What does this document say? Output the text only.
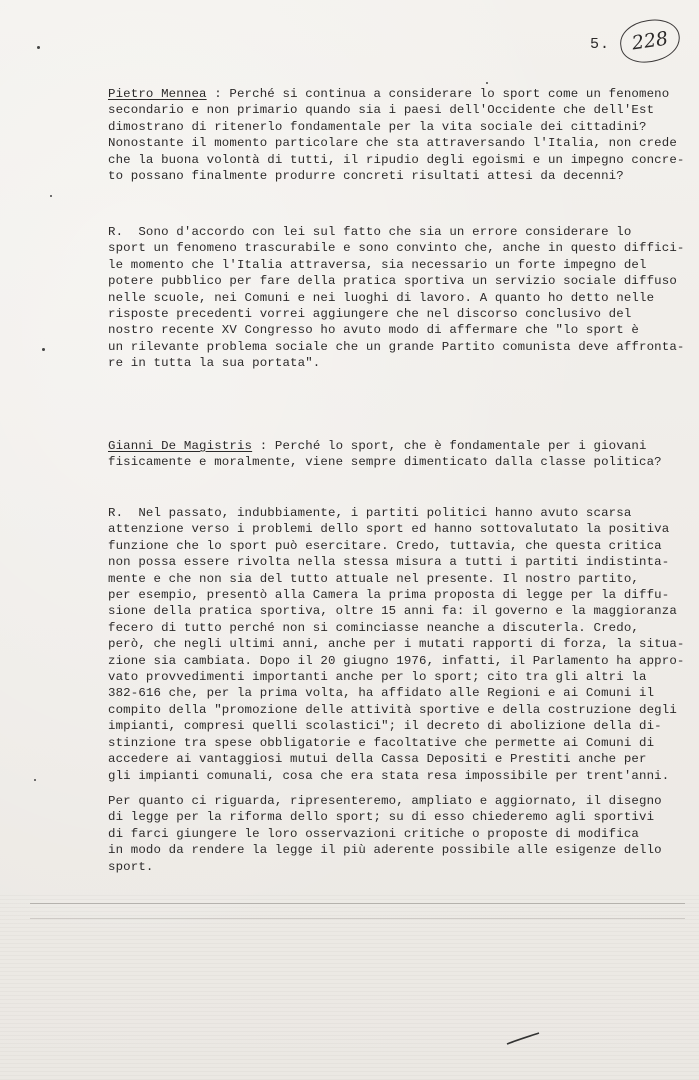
5. 228
Pietro Mennea : Perché si continua a considerare lo sport come un fenomeno
secondario e non primario quando sia i paesi dell'Occidente che dell'Est
dimostrano di ritenerlo fondamentale per la vita sociale dei cittadini?
Nonostante il momento particolare che sta attraversando l'Italia, non crede
che la buona volontà di tutti, il ripudio degli egoismi e un impegno concre-
to possano finalmente produrre concreti risultati attesi da decenni?
R.  Sono d'accordo con lei sul fatto che sia un errore considerare lo
sport un fenomeno trascurabile e sono convinto che, anche in questo diffici-
le momento che l'Italia attraversa, sia necessario un forte impegno del
potere pubblico per fare della pratica sportiva un servizio sociale diffuso
nelle scuole, nei Comuni e nei luoghi di lavoro. A quanto ho detto nelle
risposte precedenti vorrei aggiungere che nel discorso conclusivo del
nostro recente XV Congresso ho avuto modo di affermare che "lo sport è
un rilevante problema sociale che un grande Partito comunista deve affronta-
re in tutta la sua portata".
Gianni De Magistris : Perché lo sport, che è fondamentale per i giovani
fisicamente e moralmente, viene sempre dimenticato dalla classe politica?
R.  Nel passato, indubbiamente, i partiti politici hanno avuto scarsa
attenzione verso i problemi dello sport ed hanno sottovalutato la positiva
funzione che lo sport può esercitare. Credo, tuttavia, che questa critica
non possa essere rivolta nella stessa misura a tutti i partiti indistinta-
mente e che non sia del tutto attuale nel presente. Il nostro partito,
per esempio, presentò alla Camera la prima proposta di legge per la diffu-
sione della pratica sportiva, oltre 15 anni fa: il governo e la maggioranza
fecero di tutto perché non si cominciasse neanche a discuterla. Credo,
però, che negli ultimi anni, anche per i mutati rapporti di forza, la situa-
zione sia cambiata. Dopo il 20 giugno 1976, infatti, il Parlamento ha appro-
vato provvedimenti importanti anche per lo sport; cito tra gli altri la
382-616 che, per la prima volta, ha affidato alle Regioni e ai Comuni il
compito della "promozione delle attività sportive e della costruzione degli
impianti, compresi quelli scolastici"; il decreto di abolizione della di-
stinzione tra spese obbligatorie e facoltative che permette ai Comuni di
accedere ai vantaggiosi mutui della Cassa Depositi e Prestiti anche per
gli impianti comunali, cosa che era stata resa impossibile per trent'anni.
Per quanto ci riguarda, ripresenteremo, ampliato e aggiornato, il disegno
di legge per la riforma dello sport; su di esso chiederemo agli sportivi
di farci giungere le loro osservazioni critiche o proposte di modifica
in modo da rendere la legge il più aderente possibile alle esigenze dello
sport.
